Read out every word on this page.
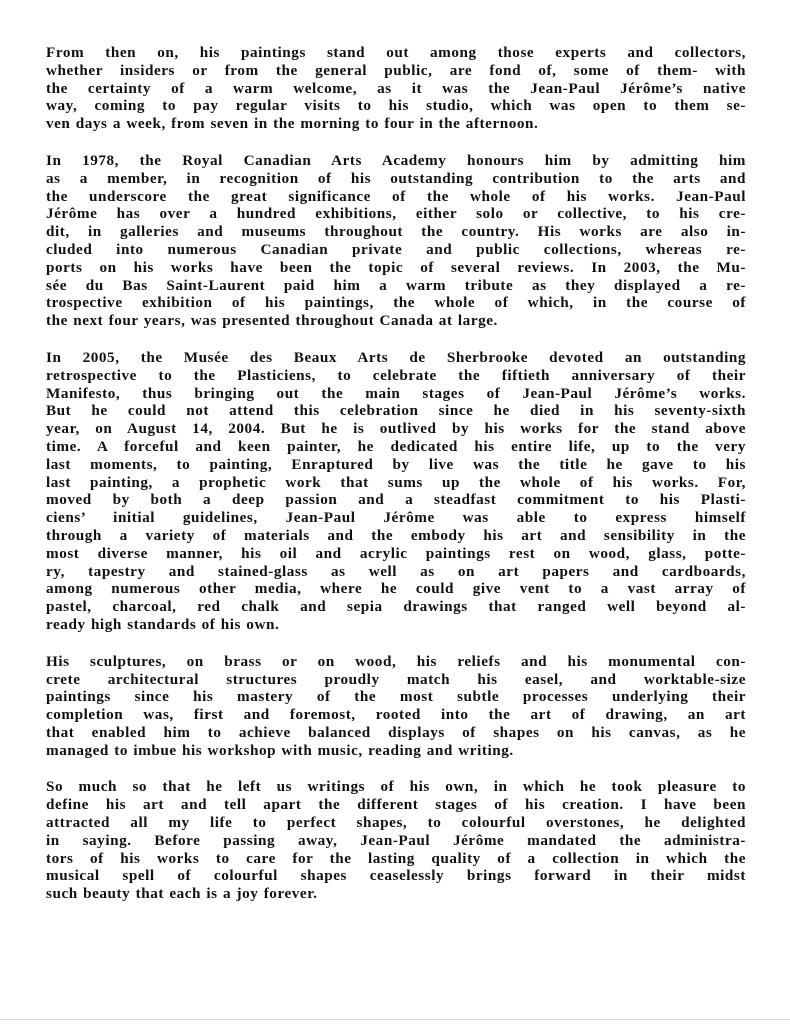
From then on, his paintings stand out among those experts and collectors,
whether insiders or from the general public, are fond of, some of them- with
the certainty of a warm welcome, as it was the Jean-Paul Jérôme’s native
way, coming to pay regular visits to his studio, which was open to them se-
ven days a week, from seven in the morning to four in the afternoon.

In 1978, the Royal Canadian Arts Academy honours him by admitting him
as a member, in recognition of his outstanding contribution to the arts and
the underscore the great significance of the whole of his works. Jean-Paul
Jérôme has over a hundred exhibitions, either solo or collective, to his cre-
dit, in galleries and museums throughout the country. His works are also in-
cluded into numerous Canadian private and public collections, whereas re-
ports on his works have been the topic of several reviews. In 2003, the Mu-
sée du Bas Saint-Laurent paid him a warm tribute as they displayed a re-
trospective exhibition of his paintings, the whole of which, in the course of
the next four years, was presented throughout Canada at large.

In 2005, the Musée des Beaux Arts de Sherbrooke devoted an outstanding
retrospective to the Plasticiens, to celebrate the fiftieth anniversary of their
Manifesto, thus bringing out the main stages of Jean-Paul Jérôme’s works.
But he could not attend this celebration since he died in his seventy-sixth
year, on August 14, 2004. But he is outlived by his works for the stand above
time. A forceful and keen painter, he dedicated his entire life, up to the very
last moments, to painting, Enraptured by live was the title he gave to his
last painting, a prophetic work that sums up the whole of his works. For,
moved by both a deep passion and a steadfast commitment to his Plasti-
ciens’ initial guidelines, Jean-Paul Jérôme was able to express himself
through a variety of materials and the embody his art and sensibility in the
most diverse manner, his oil and acrylic paintings rest on wood, glass, potte-
ry, tapestry and stained-glass as well as on art papers and cardboards,
among numerous other media, where he could give vent to a vast array of
pastel, charcoal, red chalk and sepia drawings that ranged well beyond al-
ready high standards of his own.

His sculptures, on brass or on wood, his reliefs and his monumental con-
crete architectural structures proudly match his easel, and worktable-size
paintings since his mastery of the most subtle processes underlying their
completion was, first and foremost, rooted into the art of drawing, an art
that enabled him to achieve balanced displays of shapes on his canvas, as he
managed to imbue his workshop with music, reading and writing.

So much so that he left us writings of his own, in which he took pleasure to
define his art and tell apart the different stages of his creation. I have been
attracted all my life to perfect shapes, to colourful overstones, he delighted
in saying. Before passing away, Jean-Paul Jérôme mandated the administra-
tors of his works to care for the lasting quality of a collection in which the
musical spell of colourful shapes ceaselessly brings forward in their midst
such beauty that each is a joy forever.
